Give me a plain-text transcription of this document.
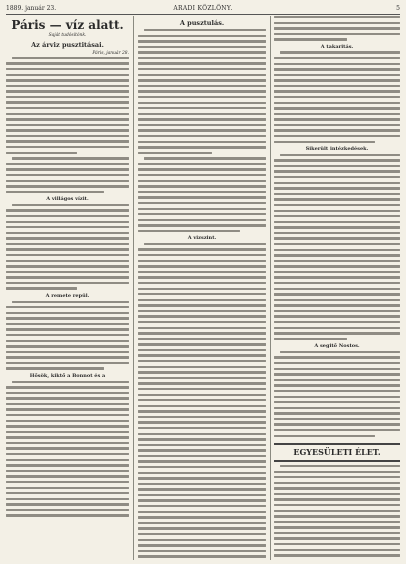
1889. január 23.	ARADI KÖZLÖNY.	5
Páris — víz alatt.
Saját tudósítónk.
Az árviz pusztitásai.
Páris, január 28.
A villágos vízit.
A remete repül.
Hősök, kiktő a Bonnot és a
A pusztulás.
A vizszint.
A takaritás.
Sikerült intézkedések.
A segitő Nostos.
EGYESÜLETI ÉLET.
